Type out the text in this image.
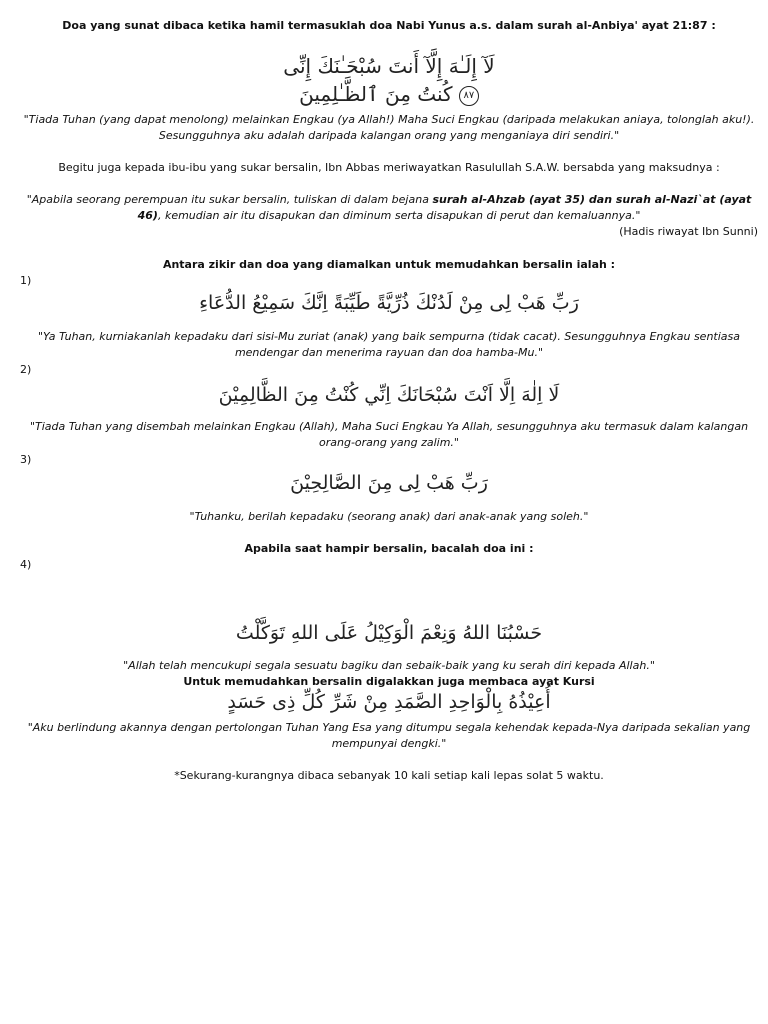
Doa yang sunat dibaca ketika hamil termasuklah doa Nabi Yunus a.s. dalam surah al-Anbiya' ayat 21:87 :
لَآ إِلَـٰهَ إِلَّآ أَنتَ سُبْحَـٰنَكَ إِنِّى
٨٧ كُنتُ مِنَ ٱلظَّـٰلِمِينَ
"Tiada Tuhan (yang dapat menolong) melainkan Engkau (ya Allah!) Maha Suci Engkau (daripada melakukan aniaya, tolonglah aku!). Sesungguhnya aku adalah daripada kalangan orang yang menganiaya diri sendiri."
Begitu juga kepada ibu-ibu yang sukar bersalin, Ibn Abbas meriwayatkan Rasulullah S.A.W. bersabda yang maksudnya :
"Apabila seorang perempuan itu sukar bersalin, tuliskan di dalam bejana surah al-Ahzab (ayat 35) dan surah al-Nazi`at (ayat 46), kemudian air itu disapukan dan diminum serta disapukan di perut dan kemaluannya."
(Hadis riwayat Ibn Sunni)
Antara zikir dan doa yang diamalkan untuk memudahkan bersalin ialah :
1)
رَبِّ هَبْ لِى مِنْ لَدُنْكَ ذُرِّيَّةً طَيِّبَةً اِنَّكَ سَمِيْعُ الدُّعَاءِ
"Ya Tuhan, kurniakanlah kepadaku dari sisi-Mu zuriat (anak) yang baik sempurna (tidak cacat). Sesungguhnya Engkau sentiasa mendengar dan menerima rayuan dan doa hamba-Mu."
2)
لَا اِلٰهَ اِلَّا اَنْتَ سُبْحَانَكَ اِنِّي كُنْتُ مِنَ الظَّالِمِيْنَ
"Tiada Tuhan yang disembah melainkan Engkau (Allah), Maha Suci Engkau Ya Allah, sesungguhnya aku termasuk dalam kalangan orang-orang yang zalim."
3)
رَبِّ هَبْ لِى مِنَ الصَّالِحِيْنَ
"Tuhanku, berilah kepadaku (seorang anak) dari anak-anak yang soleh."
Apabila saat hampir bersalin, bacalah doa ini :
4)
حَسْبُنَا اللهُ وَنِعْمَ الْوَكِيْلُ عَلَى اللهِ تَوَكَّلْتُ
"Allah telah mencukupi segala sesuatu bagiku dan sebaik-baik yang ku serah diri kepada Allah."
Untuk memudahkan bersalin digalakkan juga membaca ayat Kursi
أُعِيْذُهُ بِالْوَاحِدِ الصَّمَدِ مِنْ شَرِّ كُلِّ ذِى حَسَدٍ
"Aku berlindung akannya dengan pertolongan Tuhan Yang Esa yang ditumpu segala kehendak kepada-Nya daripada sekalian yang mempunyai dengki."
*Sekurang-kurangnya dibaca sebanyak 10 kali setiap kali lepas solat 5 waktu.
